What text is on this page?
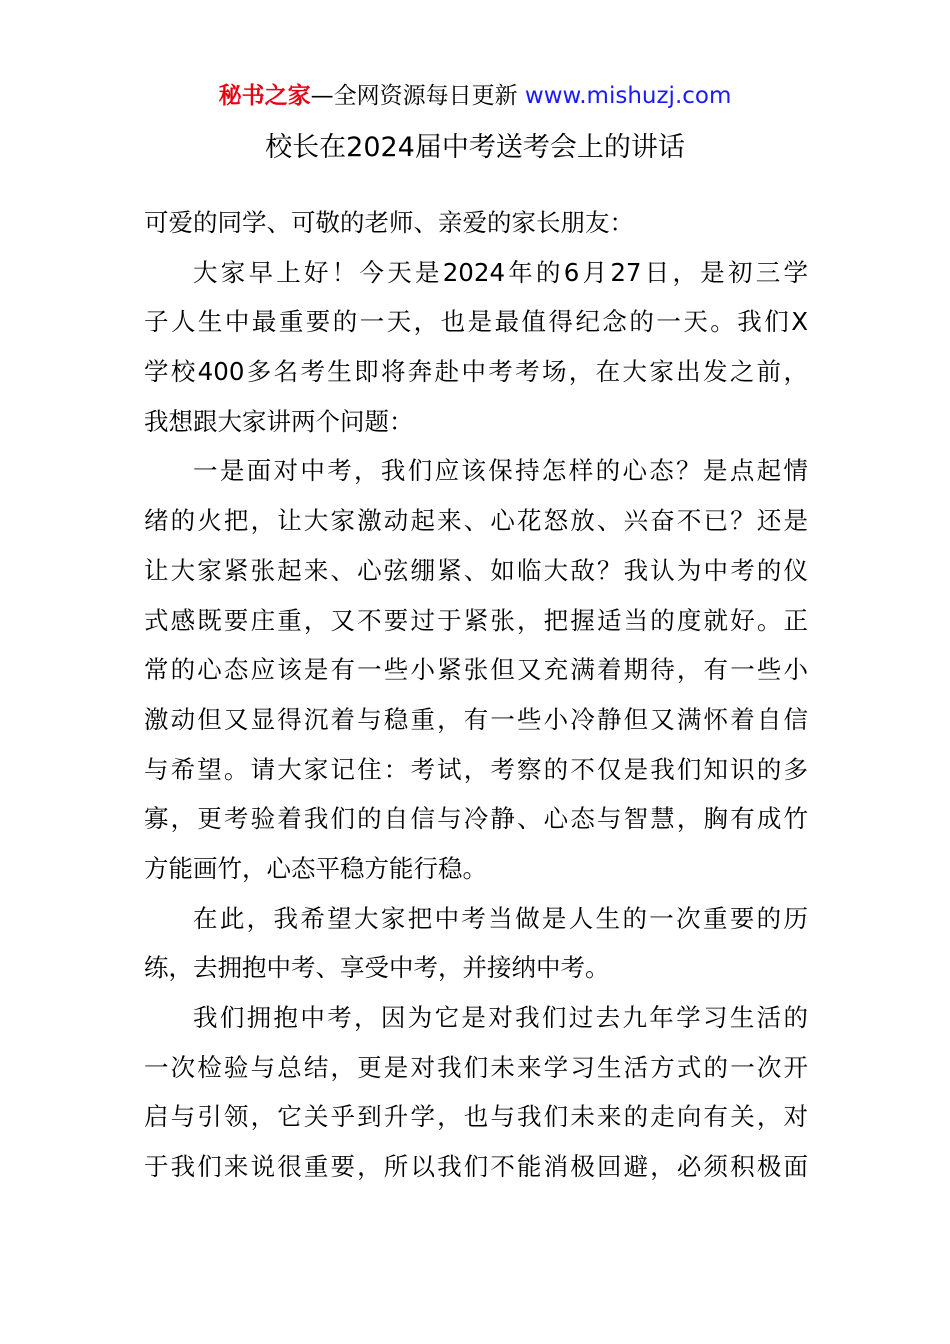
秘书之家—全网资源每日更新 www.mishuzj.com
校长在2024届中考送考会上的讲话
可爱的同学、可敬的老师、亲爱的家长朋友：
大家早上好！今天是2024年的6月27日，是初三学
子人生中最重要的一天，也是最值得纪念的一天。我们X
学校400多名考生即将奔赴中考考场，在大家出发之前，
我想跟大家讲两个问题：
一是面对中考，我们应该保持怎样的心态？是点起情
绪的火把，让大家激动起来、心花怒放、兴奋不已？还是
让大家紧张起来、心弦绷紧、如临大敌？我认为中考的仪
式感既要庄重，又不要过于紧张，把握适当的度就好。正
常的心态应该是有一些小紧张但又充满着期待，有一些小
激动但又显得沉着与稳重，有一些小冷静但又满怀着自信
与希望。请大家记住：考试，考察的不仅是我们知识的多
寡，更考验着我们的自信与冷静、心态与智慧，胸有成竹
方能画竹，心态平稳方能行稳。
在此，我希望大家把中考当做是人生的一次重要的历
练，去拥抱中考、享受中考，并接纳中考。
我们拥抱中考，因为它是对我们过去九年学习生活的
一次检验与总结，更是对我们未来学习生活方式的一次开
启与引领，它关乎到升学，也与我们未来的走向有关，对
于我们来说很重要，所以我们不能消极回避，必须积极面
